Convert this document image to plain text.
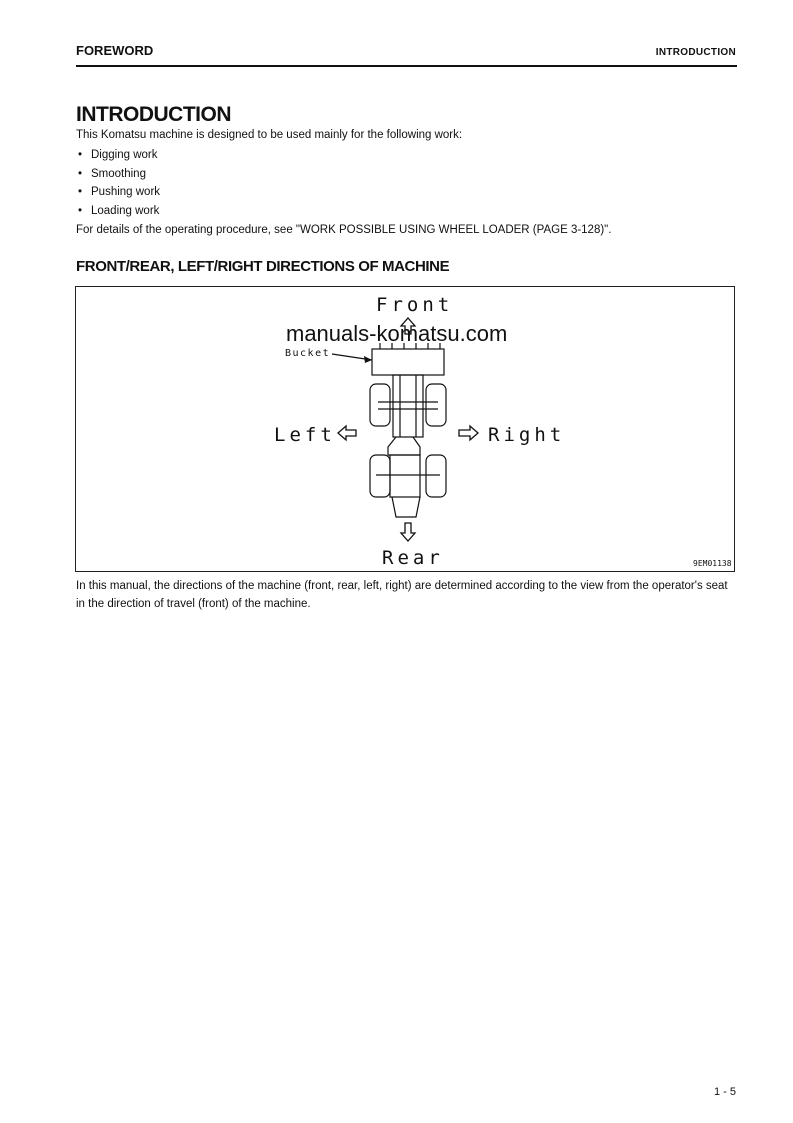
FOREWORD	INTRODUCTION
INTRODUCTION

This Komatsu machine is designed to be used mainly for the following work:

• Digging work
• Smoothing
• Pushing work
• Loading work

For details of the operating procedure, see "WORK POSSIBLE USING WHEEL LOADER (PAGE 3-128)".

FRONT/REAR, LEFT/RIGHT DIRECTIONS OF MACHINE
Front
Rear
Left	Right
Bucket
9EM01138
manuals-komatsu.com

In this manual, the directions of the machine (front, rear, left, right) are determined according to the view from the operator's seat in the direction of travel (front) of the machine.

1 - 5
